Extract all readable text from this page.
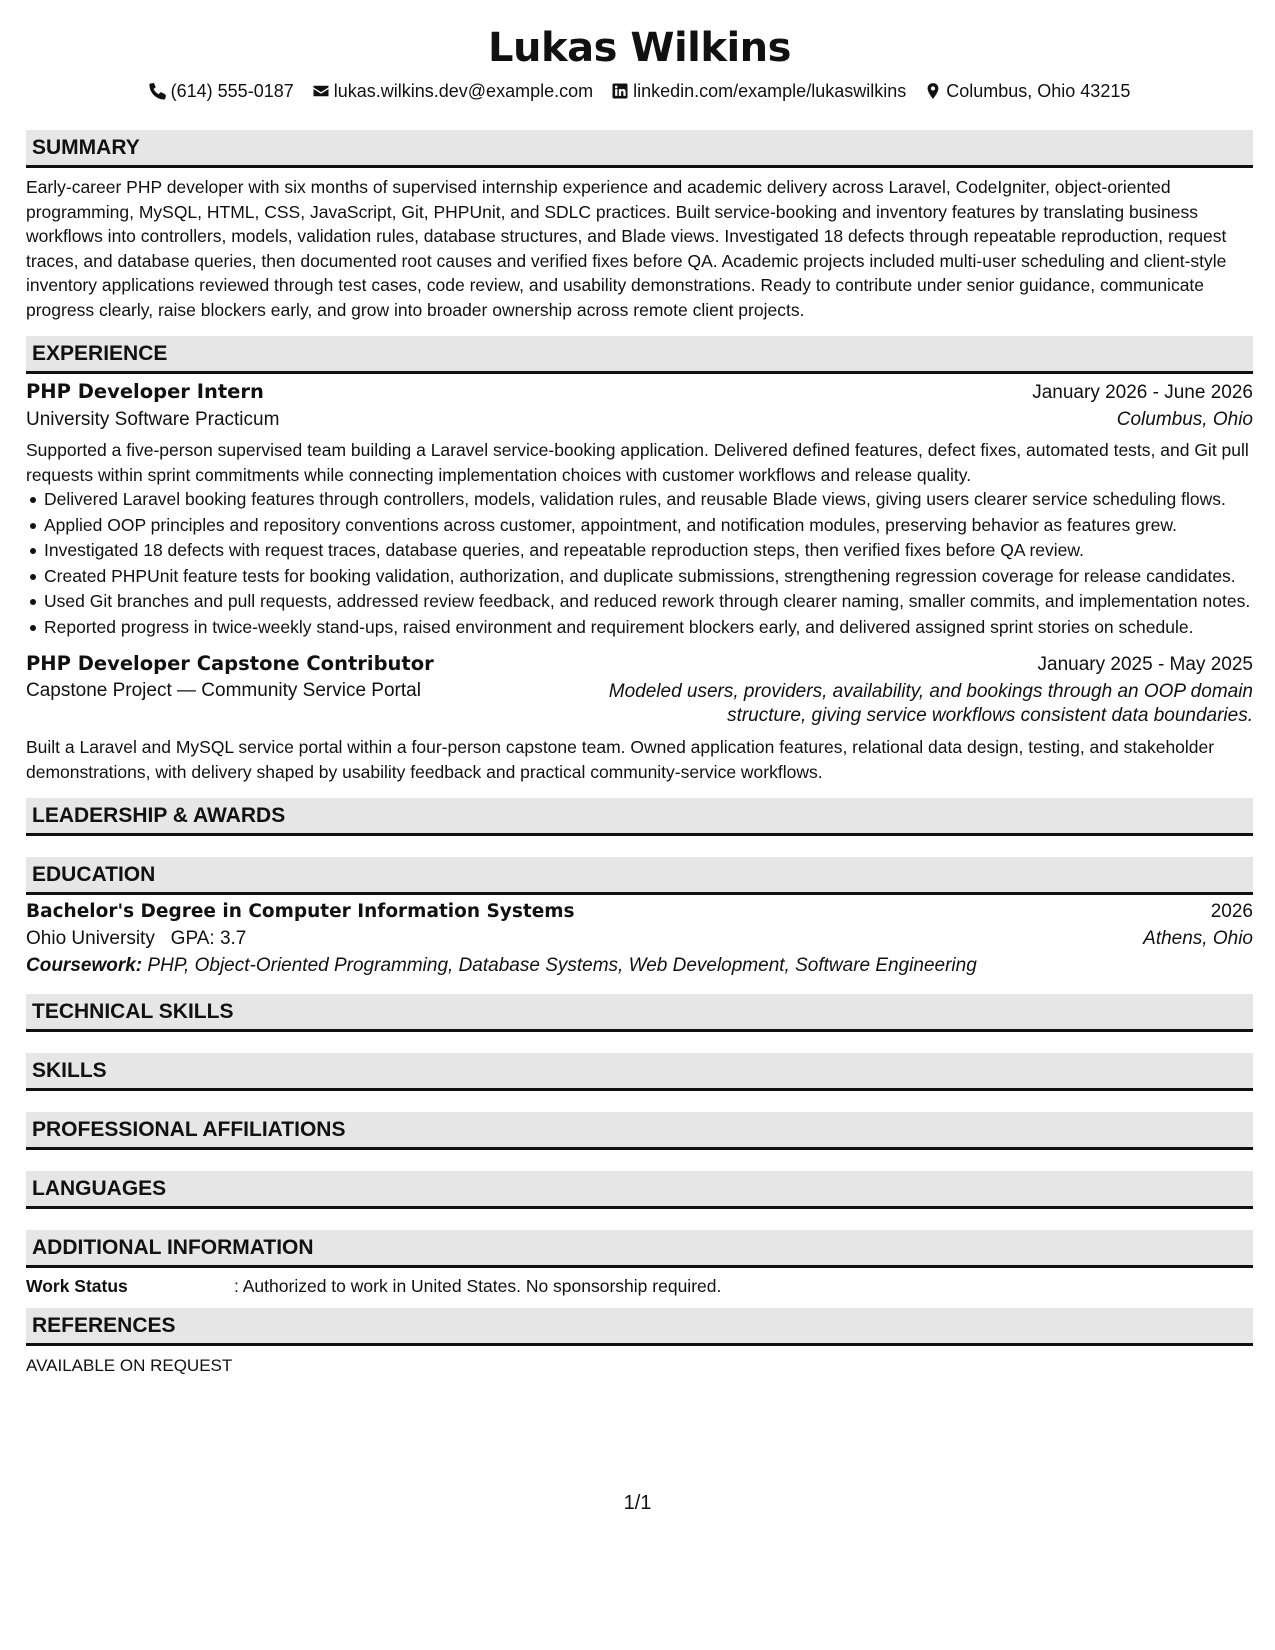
Lukas Wilkins
(614) 555-0187 lukas.wilkins.dev@example.com linkedin.com/example/lukaswilkins Columbus, Ohio 43215
SUMMARY

Early-career PHP developer with six months of supervised internship experience and academic delivery across Laravel, CodeIgniter, object-oriented programming, MySQL, HTML, CSS, JavaScript, Git, PHPUnit, and SDLC practices. Built service-booking and inventory features by translating business workflows into controllers, models, validation rules, database structures, and Blade views. Investigated 18 defects through repeatable reproduction, request traces, and database queries, then documented root causes and verified fixes before QA. Academic projects included multi-user scheduling and client-style inventory applications reviewed through test cases, code review, and usability demonstrations. Ready to contribute under senior guidance, communicate progress clearly, raise blockers early, and grow into broader ownership across remote client projects.

EXPERIENCE
PHP Developer Intern	January 2026 - June 2026
University Software Practicum	Columbus, Ohio

Supported a five-person supervised team building a Laravel service-booking application. Delivered defined features, defect fixes, automated tests, and Git pull requests within sprint commitments while connecting implementation choices with customer workflows and release quality.

Delivered Laravel booking features through controllers, models, validation rules, and reusable Blade views, giving users clearer service scheduling flows.
Applied OOP principles and repository conventions across customer, appointment, and notification modules, preserving behavior as features grew.
Investigated 18 defects with request traces, database queries, and repeatable reproduction steps, then verified fixes before QA review.
Created PHPUnit feature tests for booking validation, authorization, and duplicate submissions, strengthening regression coverage for release candidates.
Used Git branches and pull requests, addressed review feedback, and reduced rework through clearer naming, smaller commits, and implementation notes.
Reported progress in twice-weekly stand-ups, raised environment and requirement blockers early, and delivered assigned sprint stories on schedule.
PHP Developer Capstone Contributor	January 2025 - May 2025
Capstone Project — Community Service Portal	Modeled users, providers, availability, and bookings through an OOP domain structure, giving service workflows consistent data boundaries.

Built a Laravel and MySQL service portal within a four-person capstone team. Owned application features, relational data design, testing, and stakeholder demonstrations, with delivery shaped by usability feedback and practical community-service workflows.

LEADERSHIP & AWARDS
EDUCATION
Bachelor's Degree in Computer Information Systems	2026
Ohio University GPA: 3.7	Athens, Ohio
Coursework: PHP, Object-Oriented Programming, Database Systems, Web Development, Software Engineering
TECHNICAL SKILLS
SKILLS
PROFESSIONAL AFFILIATIONS
LANGUAGES
ADDITIONAL INFORMATION
Work Status	: Authorized to work in United States. No sponsorship required.
REFERENCES
AVAILABLE ON REQUEST
1/1
